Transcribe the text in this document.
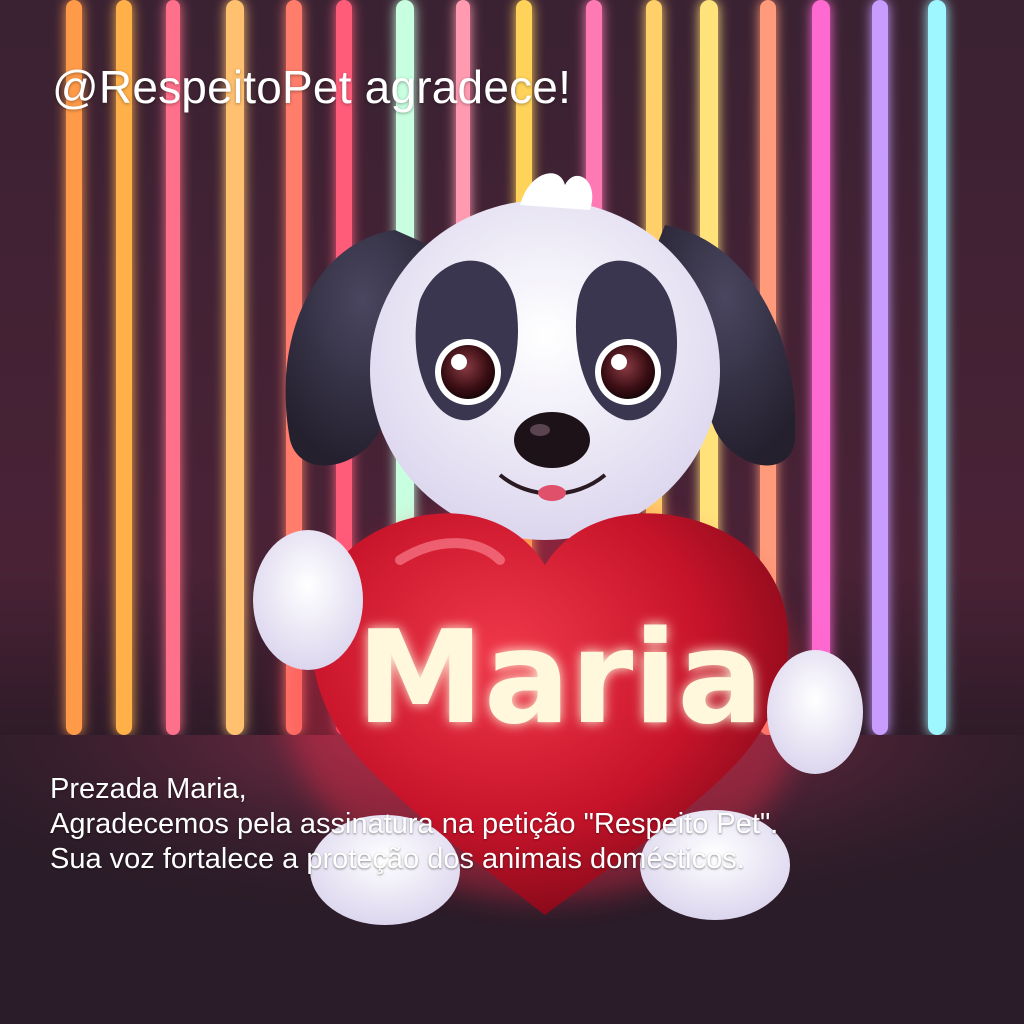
Maria
@RespeitoPet agradece!
Prezada Maria,
Agradecemos pela assinatura na petição "Respeito Pet".
Sua voz fortalece a proteção dos animais domésticos.
